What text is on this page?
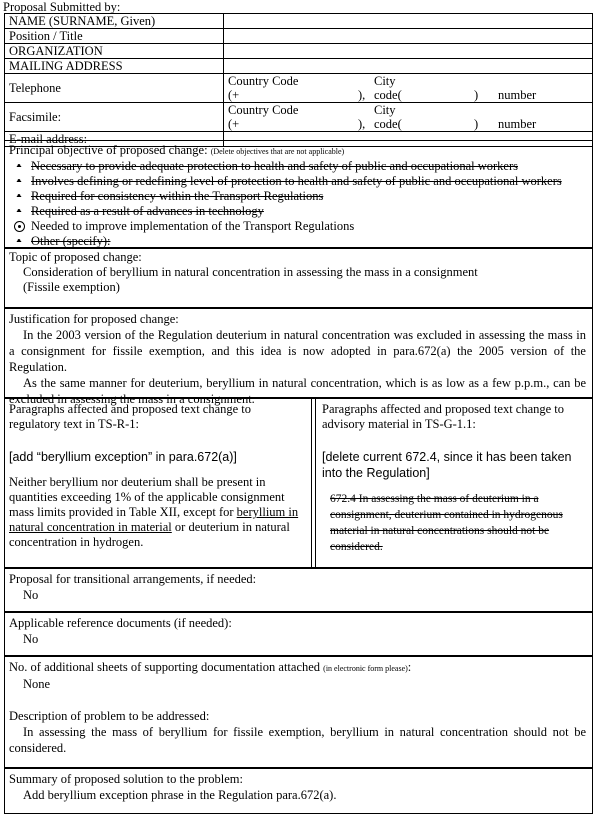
Proposal Submitted by:
NAME (SURNAME, Given)	
Position / Title	
ORGANIZATION	
MAILING ADDRESS	
Telephone	Country Code (+ ),City code( ) number
Facsimile:	Country Code (+ ),City code( ) number
E-mail address:	
Principal objective of proposed change: (Delete objectives that are not applicable)
• Necessary to provide adequate protection to health and safety of public and occupational workers
• Involves defining or redefining level of protection to health and safety of public and occupational workers
• Required for consistency within the Transport Regulations
• Required as a result of advances in technology
Needed to improve implementation of the Transport Regulations
• Other (specify):
Topic of proposed change:
Consideration of beryllium in natural concentration in assessing the mass in a consignment
(Fissile exemption)
Justification for proposed change:
In the 2003 version of the Regulation deuterium in natural concentration was excluded in assessing the mass in a consignment for fissile exemption, and this idea is now adopted in para.672(a) the 2005 version of the Regulation.
As the same manner for deuterium, beryllium in natural concentration, which is as low as a few p.p.m., can be excluded in assessing the mass in a consignment.
Paragraphs affected and proposed text change to regulatory text in TS-R-1:
[add “beryllium exception” in para.672(a)]
Neither beryllium nor deuterium shall be present in quantities exceeding 1% of the applicable consignment mass limits provided in Table XII, except for beryllium in natural concentration in material or deuterium in natural concentration in hydrogen.
Paragraphs affected and proposed text change to advisory material in TS-G-1.1:
[delete current 672.4, since it has been taken into the Regulation]
672.4 In assessing the mass of deuterium in a consignment, deuterium contained in hydrogenous material in natural concentrations should not be considered.
Proposal for transitional arrangements, if needed:
No
Applicable reference documents (if needed):
No
No. of additional sheets of supporting documentation attached (in electronic form please):
None
Description of problem to be addressed:
In assessing the mass of beryllium for fissile exemption, beryllium in natural concentration should not be considered.
Summary of proposed solution to the problem:
Add beryllium exception phrase in the Regulation para.672(a).
